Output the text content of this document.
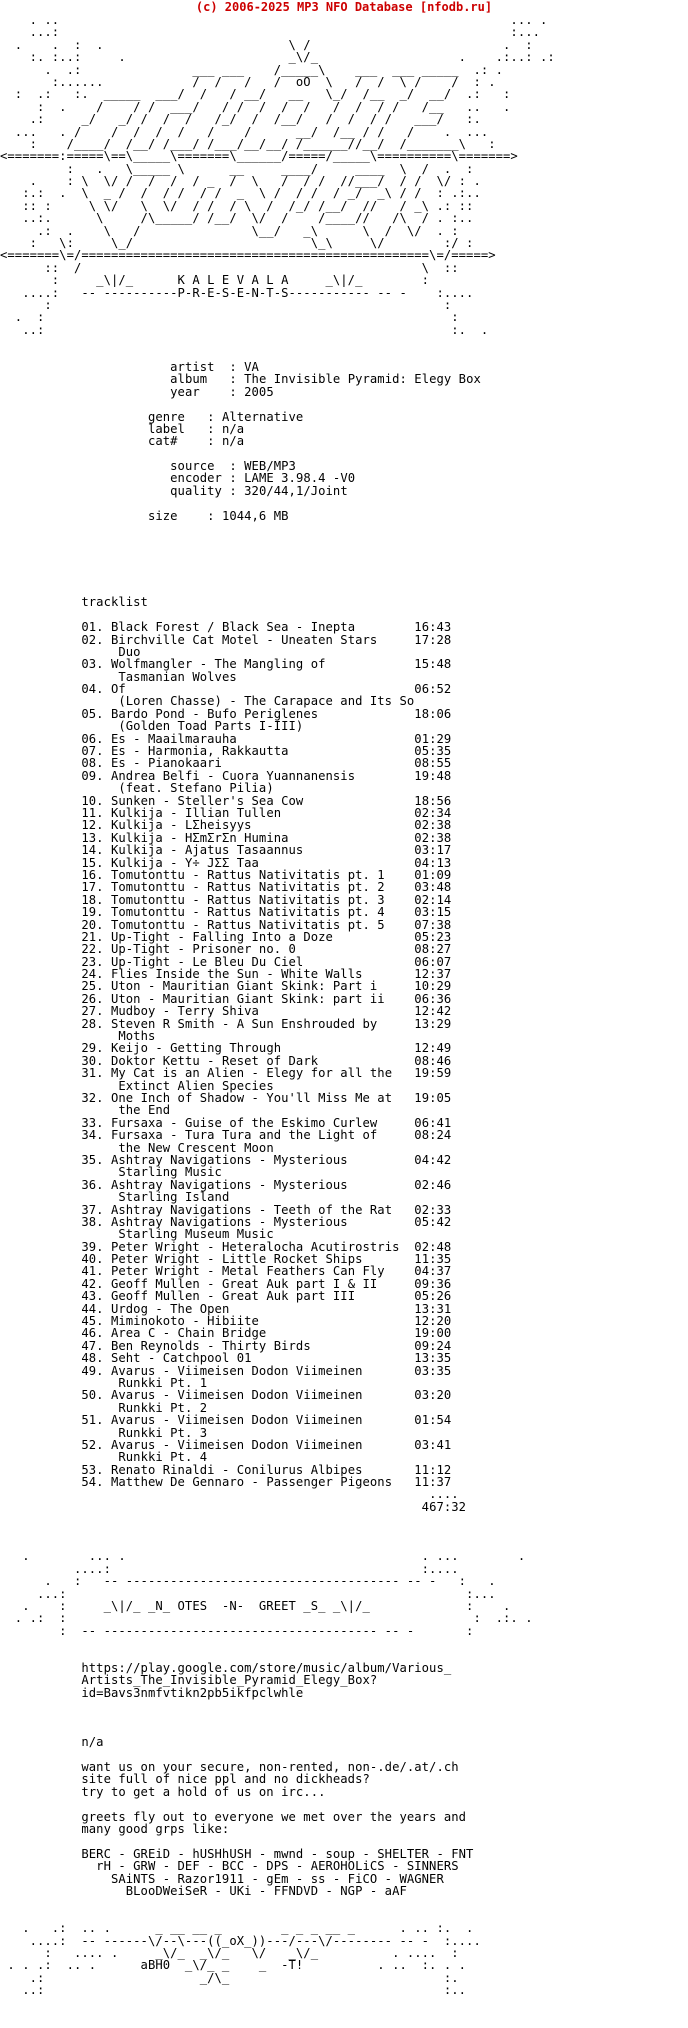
(c) 2006-2025 MP3 NFO Database [nfodb.ru]
. ..                                                             ... .
...:                                                             :...
.    .  :  .                         \ /                          .  :
:. :..:     .                      _\/_                   .    .:..: .:
.  .:               ___ ___    /_____\    ___  ___ _____  .: .
:......            /  /   /   /  oO  \   /  /  \ /    /  : .
:  .:   :.  _____  ___/  /   / __/   __   \_/  /__  _/  __/  .:   :
:  .    /    / /  ___/   / /  /  /  /   /  /  / /   /__   ..   .
.:     _/   _/ /  /  /   /_/  /  /__/   /  /  / /   ___/   :.
...   . /    /  /  /  /   /    /      __/  /__ / /   /    .  ...
:    /____/  /__/ /___/ /___/__/__/ /______//__/  /_______\   :
<=======:=====\==\_____\=======\______/=====/_____\==========\=======>
:   .   \_____ \      __     ____/     ____  \  /  .  :
.    : \  \/ /  /  /  / _  /  \   /  / /  //___/  / /  \/ : .
:.:  .  \  _ /  /  / /  / /  _  \ /  / /  / _/  _\ / /  : .:..
:: :     \ \/   \  \/  / /  / \  /  /_/ /__/  //   / _\ .: ::
..:.      \     /\_____/ /__/  \/  /    /____//   /\  / . :..
.:  .    \   /               \__/   _\      \  /  \/  . :
:   \:     \_/                        \_\     \/        :/ :
<=======\=/===============================================\=/=====>
::  /                                              \  ::
:     _\|/_      K A L E V A L A     _\|/_        :
....:   -- ----------P-R-E-S-E-N-T-S----------- -- -    :....
:                                                     :
.  :                                                       :
..:                                                       :.  .

artist  : VA
album   : The Invisible Pyramid: Elegy Box
year    : 2005

genre   : Alternative
label   : n/a
cat#    : n/a

source  : WEB/MP3
encoder : LAME 3.98.4 -V0
quality : 320/44,1/Joint

size    : 1044,6 MB

tracklist

01. Black Forest / Black Sea - Inepta	16:43
02. Birchville Cat Motel - Uneaten Stars	17:28
Duo
03. Wolfmangler - The Mangling of	15:48
Tasmanian Wolves
04. Of	06:52
(Loren Chasse) - The Carapace and Its So
05. Bardo Pond - Bufo Periglenes	18:06
(Golden Toad Parts I-III)
06. Es - Maailmarauha	01:29
07. Es - Harmonia, Rakkautta	05:35
08. Es - Pianokaari	08:55
09. Andrea Belfi - Cuora Yuannanensis	19:48
(feat. Stefano Pilia)
10. Sunken - Steller's Sea Cow	18:56
11. Kulkija - Illian Tullen	02:34
12. Kulkija - LΣheisyys	02:38
13. Kulkija - HΣmΣrΣn Humina	02:38
14. Kulkija - Ajatus Tasaannus	03:17
15. Kulkija - Y÷ JΣΣ Taa	04:13
16. Tomutonttu - Rattus Nativitatis pt. 1 01:09
17. Tomutonttu - Rattus Nativitatis pt. 2 03:48
18. Tomutonttu - Rattus Nativitatis pt. 3 02:14
19. Tomutonttu - Rattus Nativitatis pt. 4 03:15
20. Tomutonttu - Rattus Nativitatis pt. 5 07:38
21. Up-Tight - Falling Into a Doze	05:23
22. Up-Tight - Prisoner no. 0	08:27
23. Up-Tight - Le Bleu Du Ciel	06:07
24. Flies Inside the Sun - White Walls	12:37
25. Uton - Mauritian Giant Skink: Part i	10:29
26. Uton - Mauritian Giant Skink: part ii 06:36
27. Mudboy - Terry Shiva	12:42
28. Steven R Smith - A Sun Enshrouded by	13:29
Moths
29. Keijo - Getting Through	12:49
30. Doktor Kettu - Reset of Dark	08:46
31. My Cat is an Alien - Elegy for all the 19:59
Extinct Alien Species
32. One Inch of Shadow - You'll Miss Me at 19:05
the End
33. Fursaxa - Guise of the Eskimo Curlew	06:41
34. Fursaxa - Tura Tura and the Light of	08:24
the New Crescent Moon
35. Ashtray Navigations - Mysterious	04:42
Starling Music
36. Ashtray Navigations - Mysterious	02:46
Starling Island
37. Ashtray Navigations - Teeth of the Rat 02:33
38. Ashtray Navigations - Mysterious	05:42
Starling Museum Music
39. Peter Wright - Heteralocha Acutirostris 02:48
40. Peter Wright - Little Rocket Ships	11:35
41. Peter Wright - Metal Feathers Can Fly 04:37
42. Geoff Mullen - Great Auk part I & II	09:36
43. Geoff Mullen - Great Auk part III	05:26
44. Urdog - The Open	13:31
45. Miminokoto - Hibiite	12:20
46. Area C - Chain Bridge	19:00
47. Ben Reynolds - Thirty Birds	09:24
48. Seht - Catchpool 01	13:35
49. Avarus - Viimeisen Dodon Viimeinen	03:35
Runkki Pt. 1
50. Avarus - Viimeisen Dodon Viimeinen	03:20
Runkki Pt. 2
51. Avarus - Viimeisen Dodon Viimeinen	01:54
Runkki Pt. 3
52. Avarus - Viimeisen Dodon Viimeinen	03:41
Runkki Pt. 4
53. Renato Rinaldi - Conilurus Albipes	11:12
54. Matthew De Gennaro - Passenger Pigeons 11:37
....
467:32

.        ... .                                        . ...        .
....:                                          :....
.   :   -- ------------------------------------- -- -   :   .
...:                                                      :...
.    :     _\|/_ _N_ OTES  -N-  GREET _S_ _\|/_             :    .
. .:  :                                                       :  .:. .
:  -- ------------------------------------- -- -       :

https://play.google.com/store/music/album/Various_
Artists_The_Invisible_Pyramid_Elegy_Box?
id=Bavs3nmfvtikn2pb5ikfpclwhle

n/a

want us on your secure, non-rented, non-.de/.at/.ch
site full of nice ppl and no dickheads?
try to get a hold of us on irc...

greets fly out to everyone we met over the years and
many good grps like:

BERC - GREiD - hUSHhUSH - mwnd - soup - SHELTER - FNT
rH - GRW - DEF - BCC - DPS - AEROHOLiCS - SINNERS
SAiNTS - Razor1911 - gEm - ss - FiCO - WAGNER
BLooDWeiSeR - UKi - FFNDVD - NGP - aAF

.   .:  .. .      _ __ __ _        _ _ _ __ _      . .. :.  .
....:  -- ------\/--\---((_oX_))---/---\/-------- -- -  :....
:   .... .     _\/_  _\/_   \/   _\/_          . ....  :
. . .:  .. .      aBH0  _\/_ _    _  -T!          . ..  :. . .
.:                     _/\_                             :.
..:                                                      :..
